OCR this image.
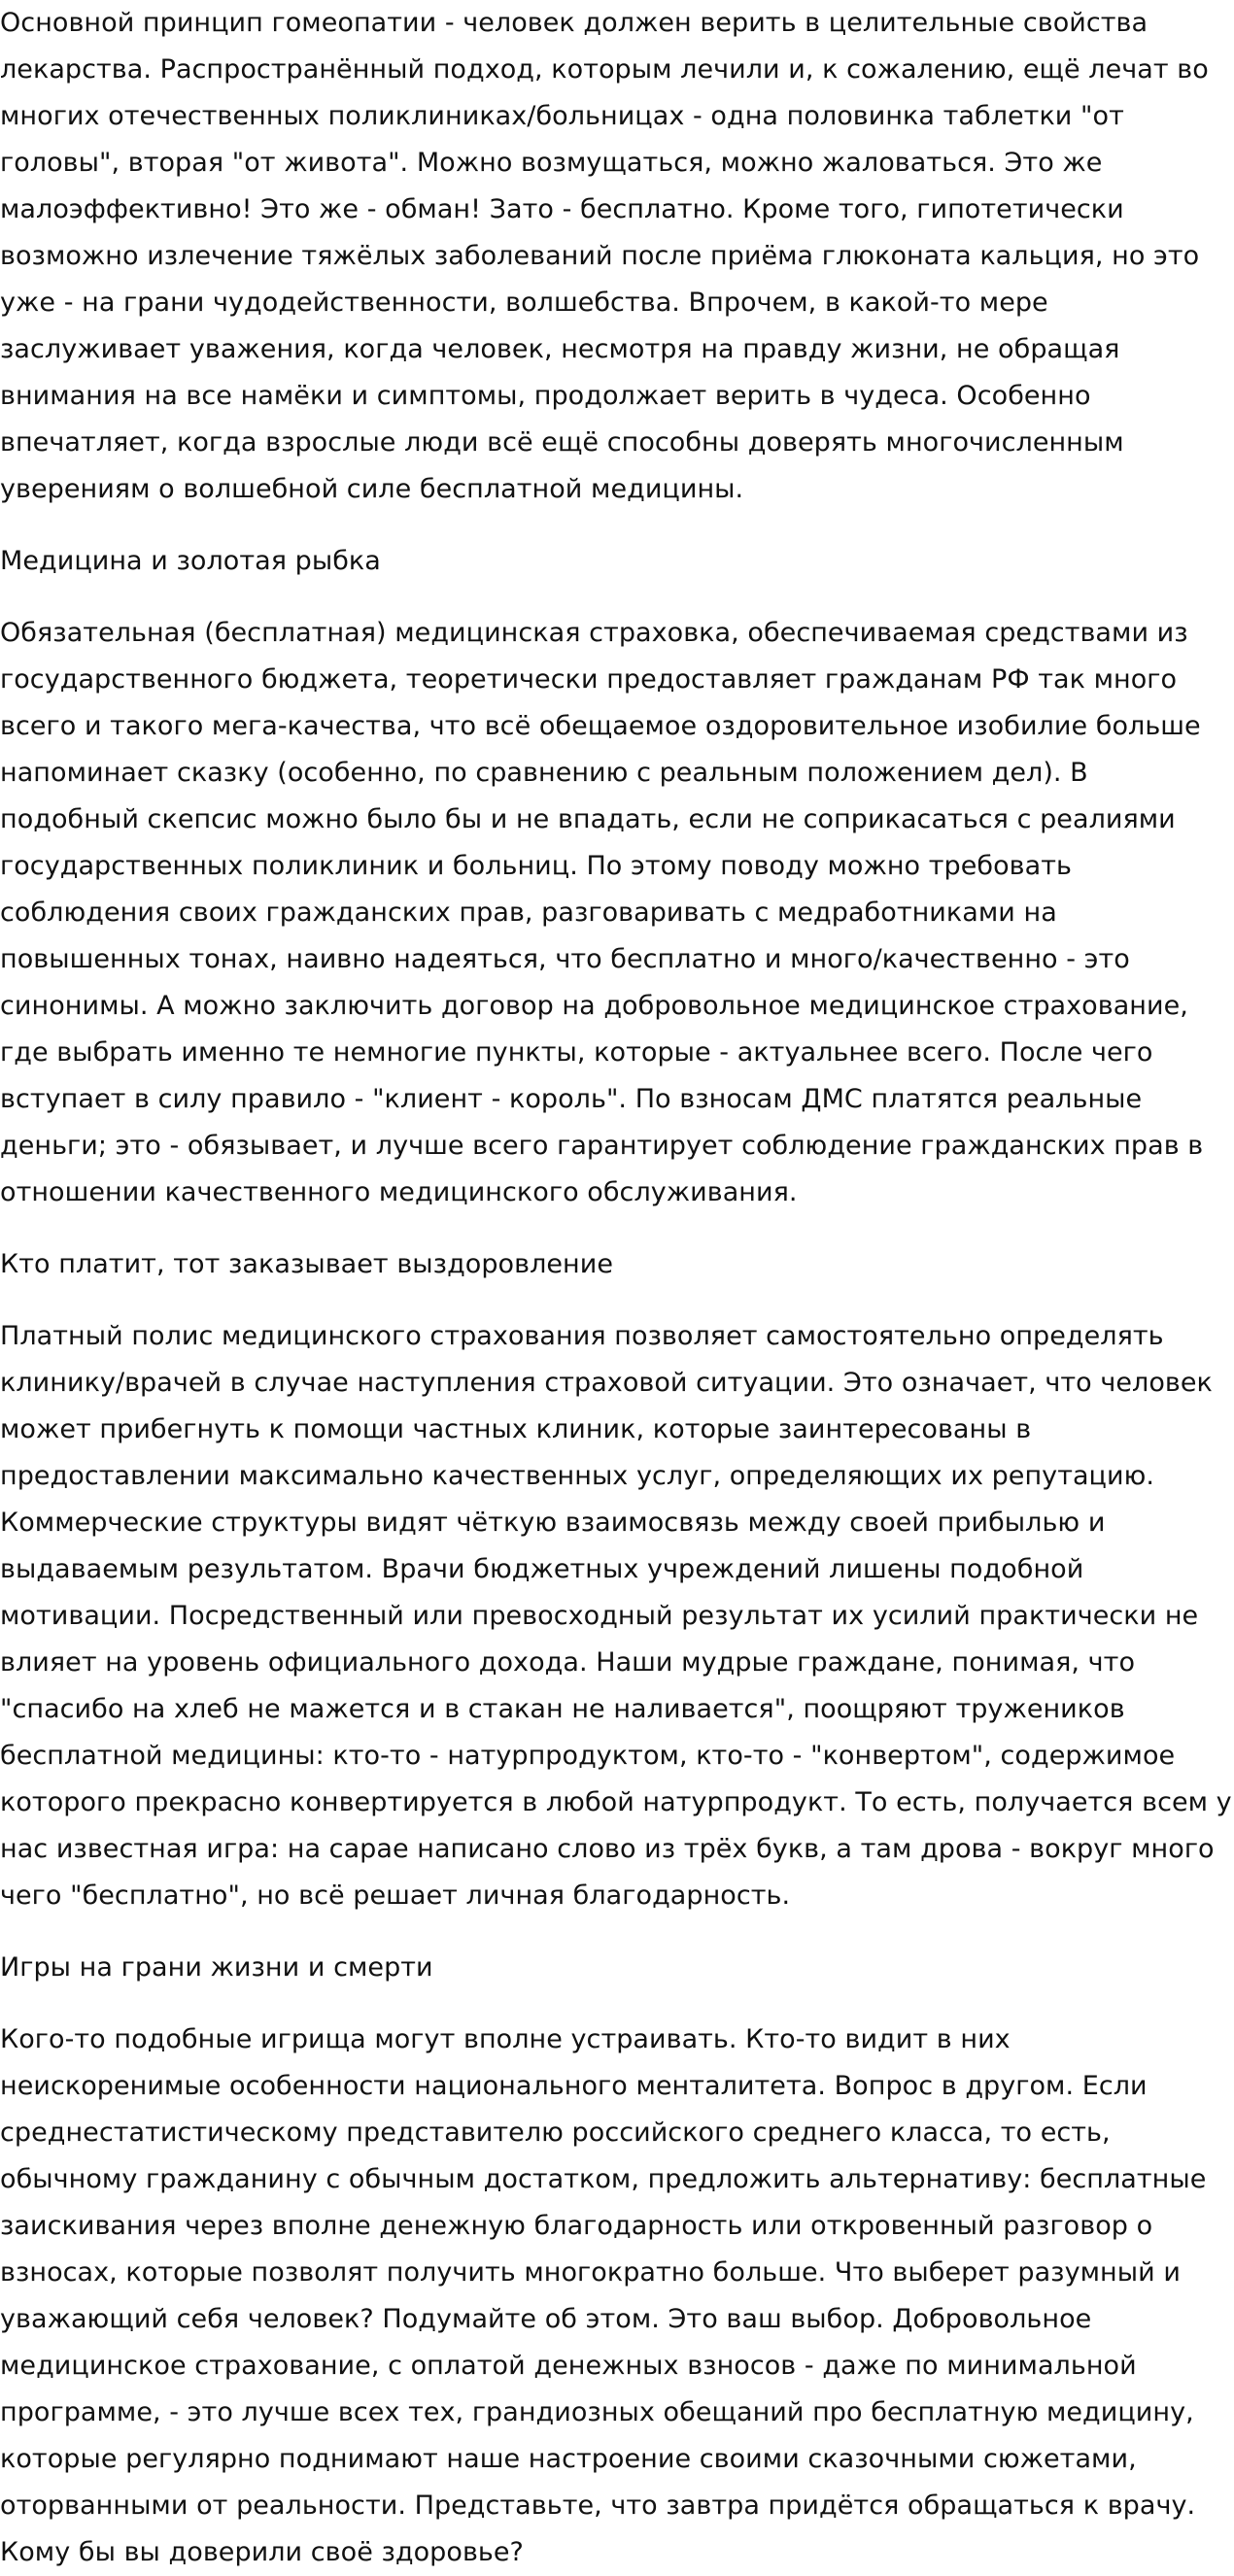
Основной принцип гомеопатии - человек должен верить в целительные свойства лекарства. Распространённый подход, которым лечили и, к сожалению, ещё лечат во многих отечественных поликлиниках/больницах - одна половинка таблетки "от головы", вторая "от живота". Можно возмущаться, можно жаловаться. Это же малоэффективно! Это же - обман! Зато - бесплатно. Кроме того, гипотетически возможно излечение тяжёлых заболеваний после приёма глюконата кальция, но это уже - на грани чудодейственности, волшебства. Впрочем, в какой-то мере заслуживает уважения, когда человек, несмотря на правду жизни, не обращая внимания на все намёки и симптомы, продолжает верить в чудеса. Особенно впечатляет, когда взрослые люди всё ещё способны доверять многочисленным уверениям о волшебной силе бесплатной медицины.

Медицина и золотая рыбка

Обязательная (бесплатная) медицинская страховка, обеспечиваемая средствами из государственного бюджета, теоретически предоставляет гражданам РФ так много всего и такого мега-качества, что всё обещаемое оздоровительное изобилие больше напоминает сказку (особенно, по сравнению с реальным положением дел). В подобный скепсис можно было бы и не впадать, если не соприкасаться с реалиями государственных поликлиник и больниц. По этому поводу можно требовать соблюдения своих гражданских прав, разговаривать с медработниками на повышенных тонах, наивно надеяться, что бесплатно и много/качественно - это синонимы. А можно заключить договор на добровольное медицинское страхование, где выбрать именно те немногие пункты, которые - актуальнее всего. После чего вступает в силу правило - "клиент - король". По взносам ДМС платятся реальные деньги; это - обязывает, и лучше всего гарантирует соблюдение гражданских прав в отношении качественного медицинского обслуживания.

Кто платит, тот заказывает выздоровление

Платный полис медицинского страхования позволяет самостоятельно определять клинику/врачей в случае наступления страховой ситуации. Это означает, что человек может прибегнуть к помощи частных клиник, которые заинтересованы в предоставлении максимально качественных услуг, определяющих их репутацию. Коммерческие структуры видят чёткую взаимосвязь между своей прибылью и выдаваемым результатом. Врачи бюджетных учреждений лишены подобной мотивации. Посредственный или превосходный результат их усилий практически не влияет на уровень официального дохода. Наши мудрые граждане, понимая, что "спасибо на хлеб не мажется и в стакан не наливается", поощряют тружеников бесплатной медицины: кто-то - натурпродуктом, кто-то - "конвертом", содержимое которого прекрасно конвертируется в любой натурпродукт. То есть, получается всем у нас известная игра: на сарае написано слово из трёх букв, а там дрова - вокруг много чего "бесплатно", но всё решает личная благодарность.

Игры на грани жизни и смерти

Кого-то подобные игрища могут вполне устраивать. Кто-то видит в них неискоренимые особенности национального менталитета. Вопрос в другом. Если среднестатистическому представителю российского среднего класса, то есть, обычному гражданину с обычным достатком, предложить альтернативу: бесплатные заискивания через вполне денежную благодарность или откровенный разговор о взносах, которые позволят получить многократно больше. Что выберет разумный и уважающий себя человек? Подумайте об этом. Это ваш выбор. Добровольное медицинское страхование, с оплатой денежных взносов - даже по минимальной программе, - это лучше всех тех, грандиозных обещаний про бесплатную медицину, которые регулярно поднимают наше настроение своими сказочными сюжетами, оторванными от реальности. Представьте, что завтра придётся обращаться к врачу. Кому бы вы доверили своё здоровье?
